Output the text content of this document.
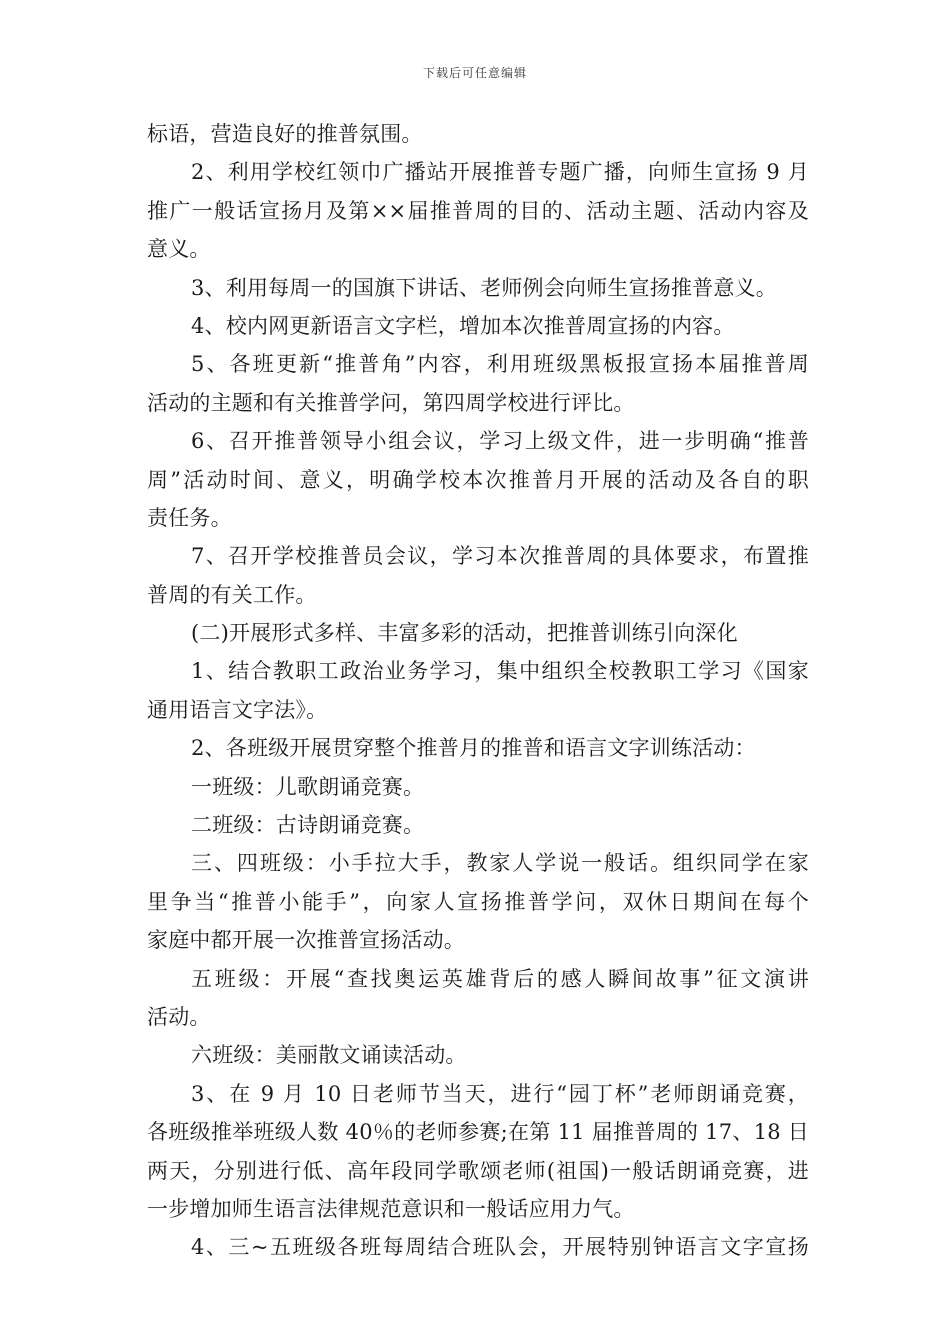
下载后可任意编辑
标语，营造良好的推普氛围。
2、利用学校红领巾广播站开展推普专题广播，向师生宣扬 9 月
推广一般话宣扬月及第××届推普周的目的、活动主题、活动内容及
意义。
3、利用每周一的国旗下讲话、老师例会向师生宣扬推普意义。
4、校内网更新语言文字栏，增加本次推普周宣扬的内容。
5、各班更新“推普角”内容，利用班级黑板报宣扬本届推普周
活动的主题和有关推普学问，第四周学校进行评比。
6、召开推普领导小组会议，学习上级文件，进一步明确“推普
周”活动时间、意义，明确学校本次推普月开展的活动及各自的职
责任务。
7、召开学校推普员会议，学习本次推普周的具体要求，布置推
普周的有关工作。
(二)开展形式多样、丰富多彩的活动，把推普训练引向深化
1、结合教职工政治业务学习，集中组织全校教职工学习《国家
通用语言文字法》。
2、各班级开展贯穿整个推普月的推普和语言文字训练活动：
一班级：儿歌朗诵竞赛。
二班级：古诗朗诵竞赛。
三、四班级：小手拉大手，教家人学说一般话。组织同学在家
里争当“推普小能手”，向家人宣扬推普学问，双休日期间在每个
家庭中都开展一次推普宣扬活动。
五班级：开展“查找奥运英雄背后的感人瞬间故事”征文演讲
活动。
六班级：美丽散文诵读活动。
3、在 9 月 10 日老师节当天，进行“园丁杯”老师朗诵竞赛，
各班级推举班级人数 40％的老师参赛;在第 11 届推普周的 17、18 日
两天，分别进行低、高年段同学歌颂老师(祖国)一般话朗诵竞赛，进
一步增加师生语言法律规范意识和一般话应用力气。
4、三~五班级各班每周结合班队会，开展特别钟语言文字宣扬
